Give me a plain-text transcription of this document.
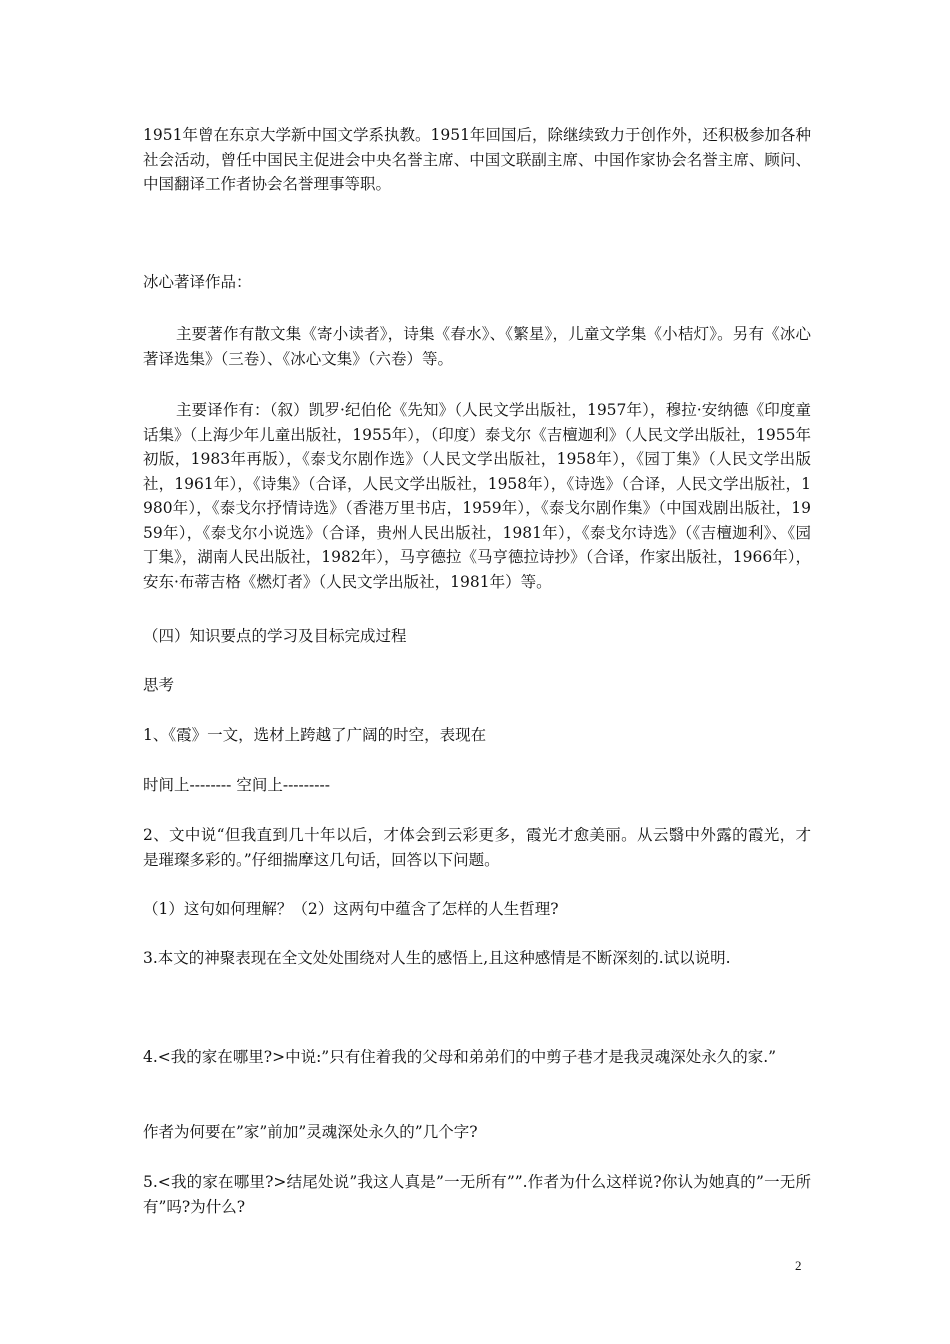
1951年曾在东京大学新中国文学系执教。1951年回国后，除继续致力于创作外，还积极参加各种社会活动，曾任中国民主促进会中央名誉主席、中国文联副主席、中国作家协会名誉主席、顾问、中国翻译工作者协会名誉理事等职。

冰心著译作品：

主要著作有散文集《寄小读者》，诗集《春水》、《繁星》，儿童文学集《小桔灯》。另有《冰心著译选集》（三卷）、《冰心文集》（六卷）等。

主要译作有：（叙）凯罗·纪伯伦《先知》（人民文学出版社，1957年），穆拉·安纳德《印度童话集》（上海少年儿童出版社，1955年），（印度）泰戈尔《吉檀迦利》（人民文学出版社，1955年初版，1983年再版），《泰戈尔剧作选》（人民文学出版社，1958年），《园丁集》（人民文学出版社，1961年），《诗集》（合译，人民文学出版社，1958年），《诗选》（合译，人民文学出版社，1980年），《泰戈尔抒情诗选》（香港万里书店，1959年），《泰戈尔剧作集》（中国戏剧出版社，1959年），《泰戈尔小说选》（合译，贵州人民出版社，1981年），《泰戈尔诗选》（《吉檀迦利》、《园丁集》，湖南人民出版社，1982年），马亨德拉《马亨德拉诗抄》（合译，作家出版社，1966年），安东·布蒂吉格《燃灯者》（人民文学出版社，1981年）等。

（四）知识要点的学习及目标完成过程

思考

1、《霞》一文，选材上跨越了广阔的时空，表现在

时间上-------- 空间上---------

2、文中说“但我直到几十年以后，才体会到云彩更多，霞光才愈美丽。从云翳中外露的霞光，才是璀璨多彩的。”仔细揣摩这几句话，回答以下问题。

（1）这句如何理解？（2）这两句中蕴含了怎样的人生哲理?

3.本文的神聚表现在全文处处围绕对人生的感悟上,且这种感情是不断深刻的.试以说明.

4.<我的家在哪里?>中说:”只有住着我的父母和弟弟们的中剪子巷才是我灵魂深处永久的家.”

作者为何要在”家”前加”灵魂深处永久的”几个字?

5.<我的家在哪里?>结尾处说”我这人真是”一无所有””.作者为什么这样说?你认为她真的”一无所有”吗?为什么?

2
